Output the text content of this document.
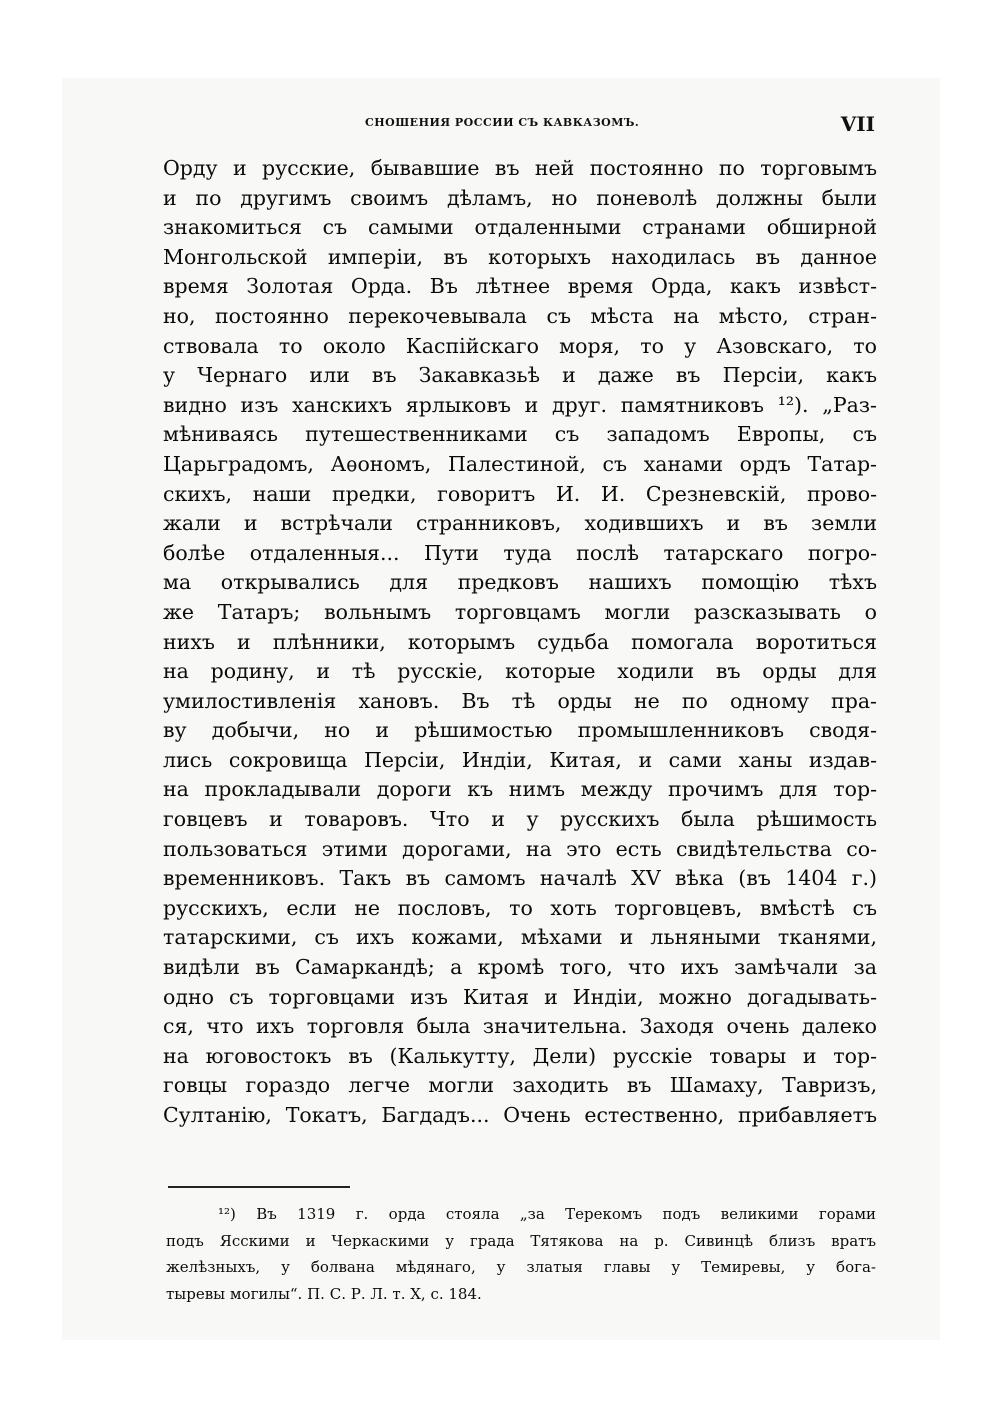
СНОШЕНИЯ РОССИИ СЪ КАВКАЗОМЪ.	VII
Орду и русские, бывавшие въ ней постоянно по торговымъ
и по другимъ своимъ дѣламъ, но поневолѣ должны были
знакомиться съ самыми отдаленными странами обширной
Монгольской имперiи, въ которыхъ находилась въ данное
время Золотая Орда. Въ лѣтнее время Орда, какъ извѣст-
но, постоянно перекочевывала съ мѣста на мѣсто, стран-
ствовала то около Каспiйскаго моря, то у Азовскаго, то
у Чернаго или въ Закавказьѣ и даже въ Персiи, какъ
видно изъ ханскихъ ярлыковъ и друг. памятниковъ ¹²). „Раз-
мѣниваясь путешественниками съ западомъ Европы, съ
Царьградомъ, Аѳономъ, Палестиной, съ ханами ордъ Татар-
скихъ, наши предки, говоритъ И. И. Срезневскiй, прово-
жали и встрѣчали странниковъ, ходившихъ и въ земли
болѣе отдаленныя... Пути туда послѣ татарскаго погро-
ма открывались для предковъ нашихъ помощiю тѣхъ
же Татаръ; вольнымъ торговцамъ могли разсказывать о
нихъ и плѣнники, которымъ судьба помогала воротиться
на родину, и тѣ русскiе, которые ходили въ орды для
умилостивленiя хановъ. Въ тѣ орды не по одному пра-
ву добычи, но и рѣшимостью промышленниковъ сводя-
лись сокровища Персiи, Индiи, Китая, и сами ханы издав-
на прокладывали дороги къ нимъ между прочимъ для тор-
говцевъ и товаровъ. Что и у русскихъ была рѣшимость
пользоваться этими дорогами, на это есть свидѣтельства со-
временниковъ. Такъ въ самомъ началѣ XV вѣка (въ 1404 г.)
русскихъ, если не пословъ, то хоть торговцевъ, вмѣстѣ съ
татарскими, съ ихъ кожами, мѣхами и льняными тканями,
видѣли въ Самаркандѣ; а кромѣ того, что ихъ замѣчали за
одно съ торговцами изъ Китая и Индiи, можно догадывать-
ся, что ихъ торговля была значительна. Заходя очень далеко
на юговостокъ въ (Калькутту, Дели) русскiе товары и тор-
говцы гораздо легче могли заходить въ Шамаху, Тавризъ,
Султанiю, Токатъ, Багдадъ... Очень естественно, прибавляетъ
¹²) Въ 1319 г. орда стояла „за Терекомъ подъ великими горами
подъ Ясскими и Черкаскими у града Тятякова на р. Сивинцѣ близъ вратъ
желѣзныхъ, у болвана мѣдянаго, у златыя главы у Темиревы, у бога-
тыревы могилы“. П. С. Р. Л. т. X, с. 184.
